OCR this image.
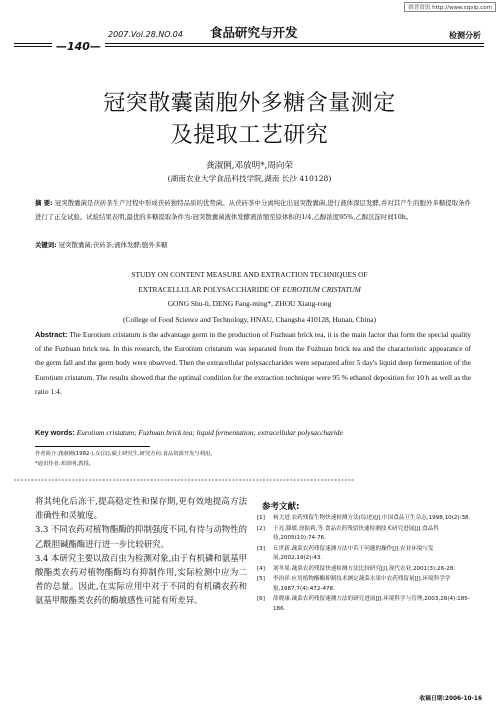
维普资讯 http://www.cqvip.com
—140—
2007.Vol.28.NO.04 食品研究与开发	检测分析
冠突散囊菌胞外多糖含量测定
及提取工艺研究
龚淑俐,邓放明*,周向荣
(湖南农业大学食品科技学院,湖南 长沙 410128)
摘 要: 冠突散囊菌是茯砖茶生产过程中形成茯砖独特品质的优势菌。从茯砖茶中分离纯化出冠突散囊菌,进行液体深层发酵,并对其产生的胞外多糖提取条件进行了正交试验。试验结果表明,最优的多糖提取条件为:冠突散囊菌液体发酵液浓缩至原体积的1/4,乙醇浓度95%,乙醇沉淀时间10h。
关键词: 冠突散囊菌;茯砖茶;液体发酵;胞外多糖
STUDY ON CONTENT MEASURE AND EXTRACTION TECHNIQUES OF
EXTRACELLULAR POLYSACCHARIDE OF EUROTIUM CRISTATUM
GONG Shu-li, DENG Fang-ming*, ZHOU Xiang-rong
(College of Food Science and Technology, HNAU, Changsha 410128, Hunan, China)
Abstract: The Eurotium cristatum is the advantage germ in the production of Fuzhuan brick tea, it is the main factor that form the special quality of the Fuzhuan brick tea. In this research, the Eurotium cristatum was separated from the Fuzhuan brick tea and the characteristic appearance of the germ fall and the germ body were observed. Then the extracellular polysaccharides were separated after 5 day's liquid deep fermentation of the Eurotium cristatum. The results showed that the optimal condition for the extraction technique were 95 % ethanol deposition for 10 h as well as the ratio 1:4.
Key words: Eurotium cristatum; Fuzhuan brick tea; liquid fermentation; extracellular polysaccharide
作者简介:龚淑俐(1982-),女(汉),硕士研究生,研究方向:食品资源开发与利用。
*通讯作者:邓放明,教授。
✲✲✲✲✲✲✲✲✲✲✲✲✲✲✲✲✲✲✲✲✲✲✲✲✲✲✲✲✲✲✲✲✲✲✲✲✲✲✲✲✲✲✲✲✲✲✲✲✲✲✲✲✲✲✲✲✲✲✲✲✲✲✲✲✲✲✲✲✲✲✲✲✲✲✲✲✲✲✲✲✲✲✲✲✲✲✲✲✲✲✲✲✲✲✲✲✲✲✲✲
将其纯化后冻干,提高稳定性和保存期,更有效地提高方法准确性和灵敏度。
3.3 不同农药对植物酯酶的抑制强度不同,有待与动物性的乙酰胆碱酯酶进行进一步比较研究。
3.4 本研究主要以敌百虫为检测对象,由于有机磷和氨基甲酸酯类农药对植物酯酶均有抑制作用,实际检测中应为二者的总量。因此,在实际应用中对于不同的有机磷农药和氨基甲酸酯类农药的酶敏感性可能有所差异。
参考文献:
[1]	杨大进.农药残留生物快速检测方法(综述)[J].中国食品卫生杂志,1998,10(2):38.
[2]	王亮,滕媛,徐振莉,等.食品农药残留快速检测技术研究进展[J].食品科技,2005(10):74-76.
[3]	丘世新.蔬菜农药残留速测方法中若干问题的操作[J].农业环境与发展,2002,19(2):43.
[4]	刘冬果.蔬菜农药残留快速检测方法比较研究[J].现代农业,2001(3):26-28.
[5]	李治祥.应用植物酯酶抑制技术测定蔬菜水果中农药残留量[J].环境科学学报,1987,7(4):472-478.
[6]	薛晓康.蔬菜农药残留速测方法的研究进展[J].环境科学与管理,2003,28(4):185-186.
收稿日期:2006-10-16
